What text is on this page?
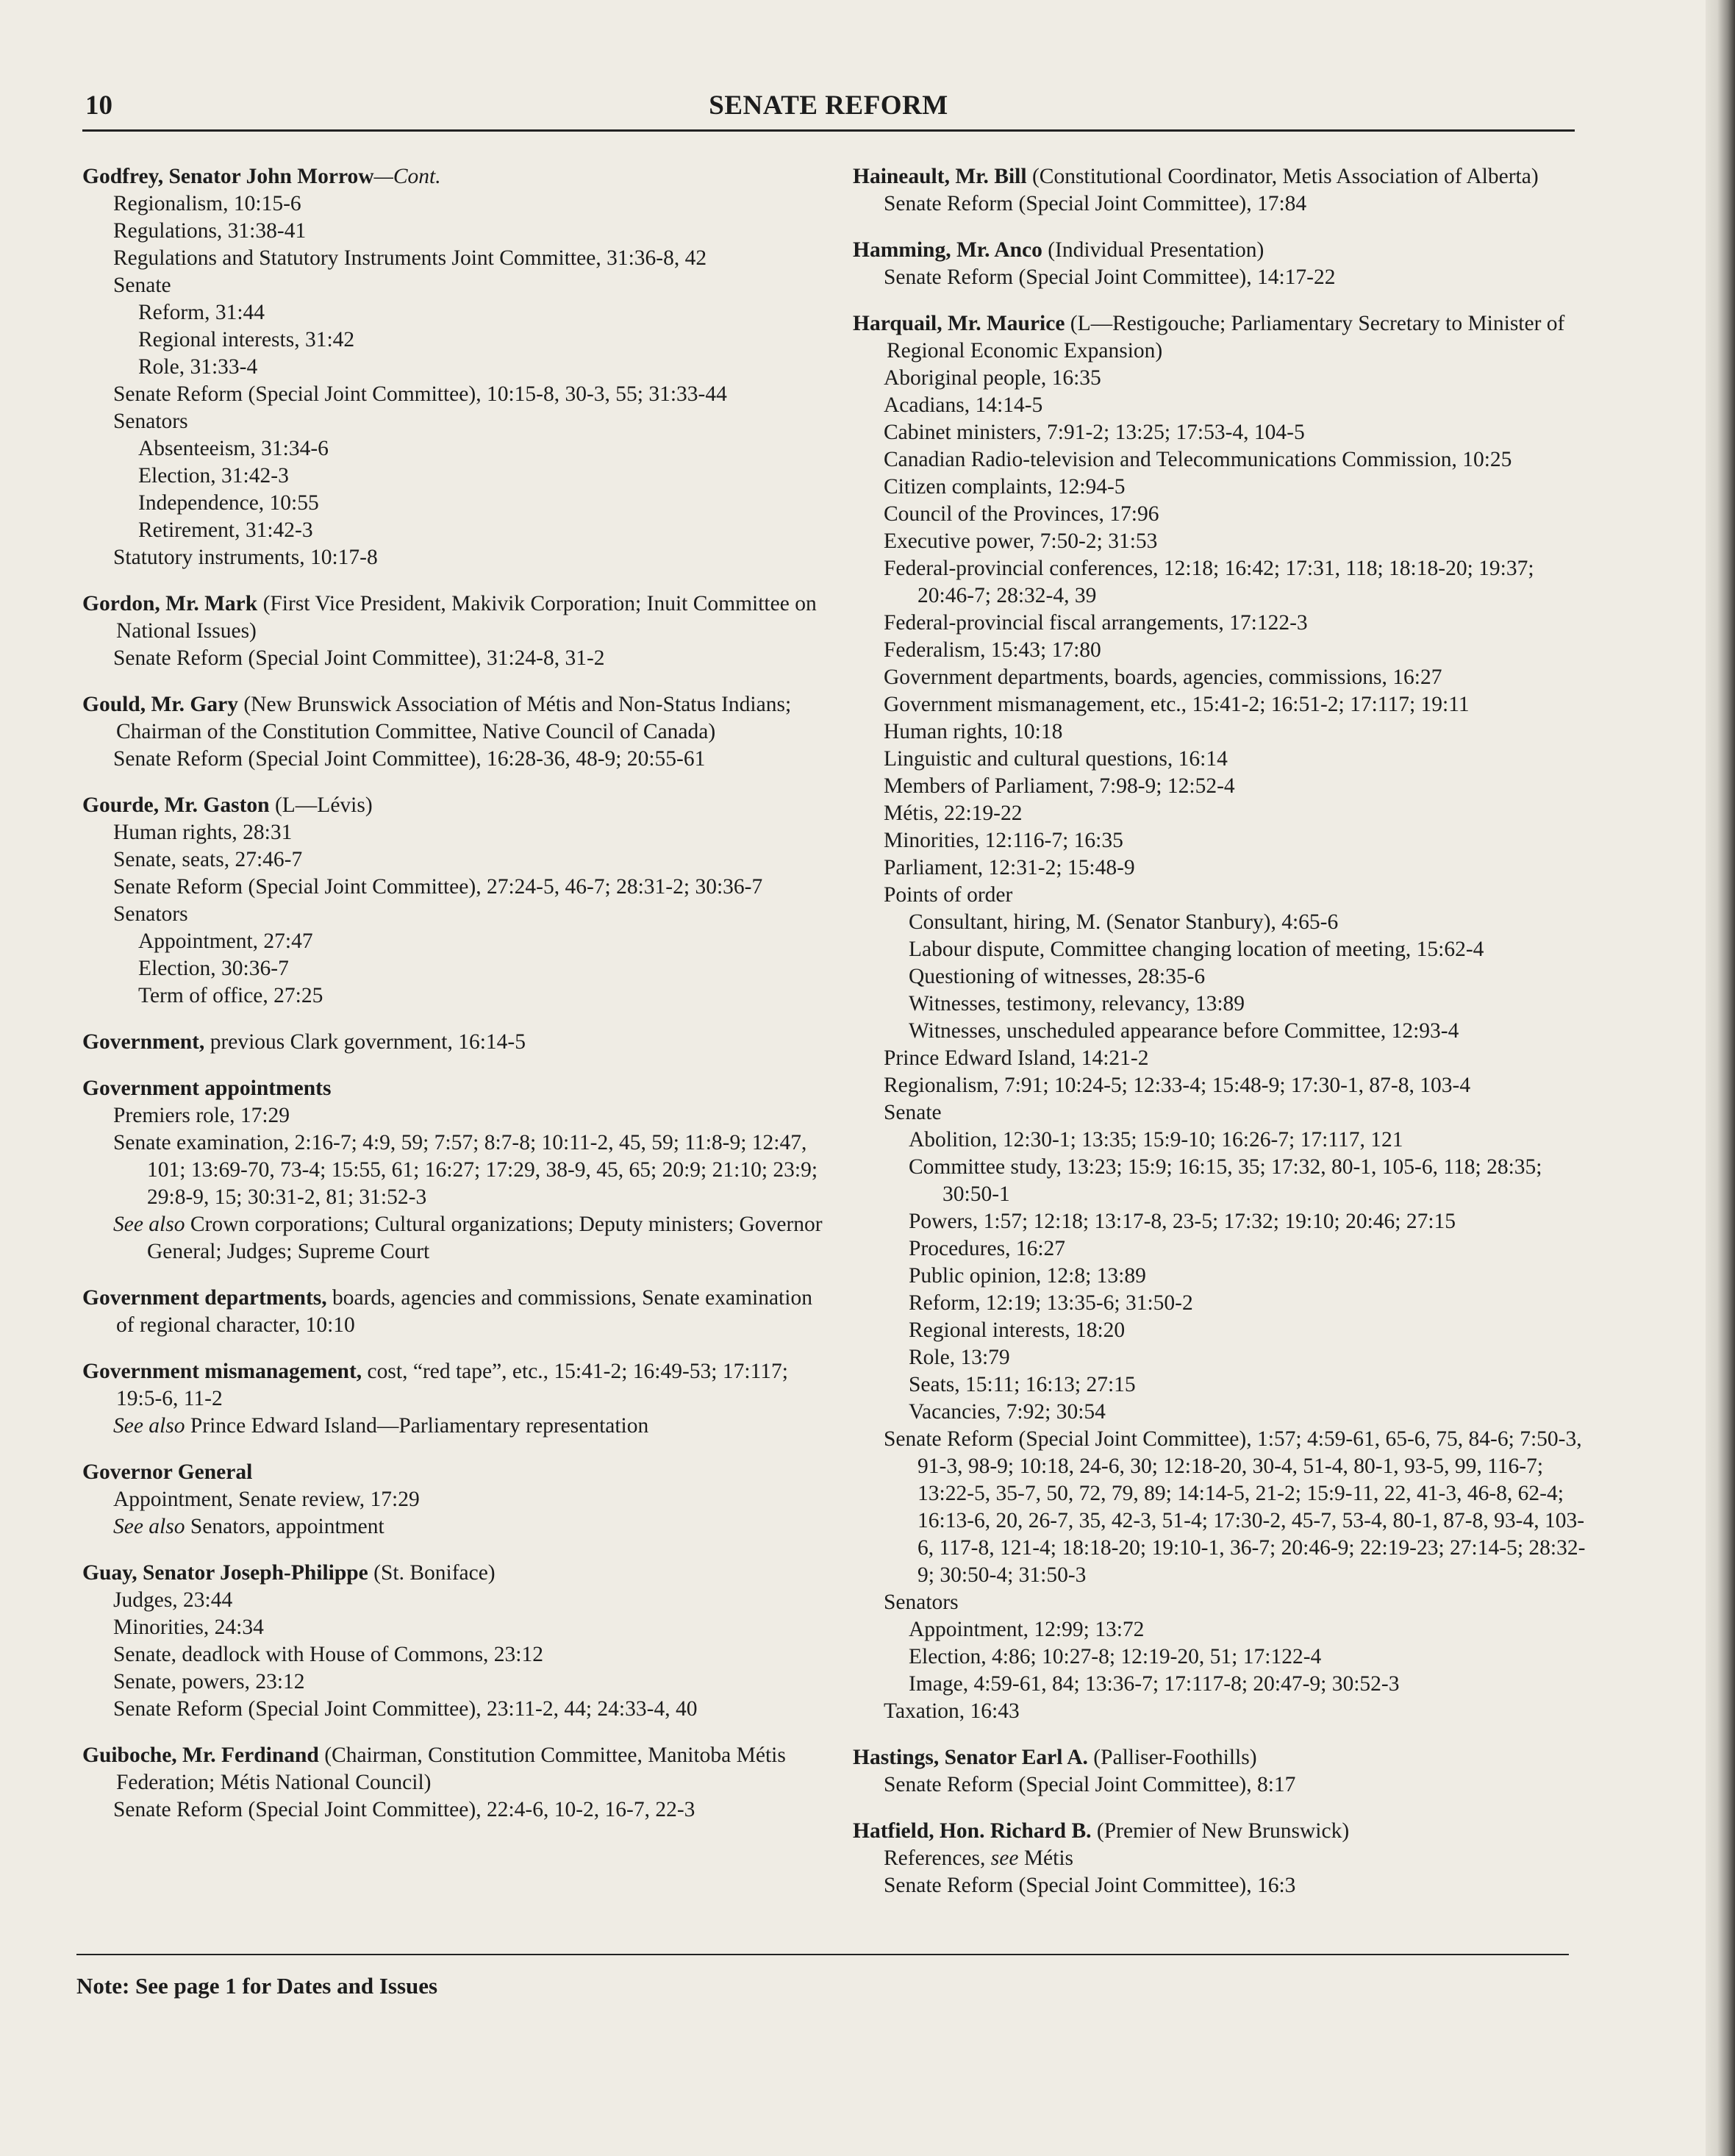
10	SENATE REFORM
Godfrey, Senator John Morrow—Cont.
Regionalism, 10:15-6
Regulations, 31:38-41
Regulations and Statutory Instruments Joint Committee, 31:36-8, 42
Senate
Reform, 31:44
Regional interests, 31:42
Role, 31:33-4
Senate Reform (Special Joint Committee), 10:15-8, 30-3, 55; 31:33-44
Senators
Absenteeism, 31:34-6
Election, 31:42-3
Independence, 10:55
Retirement, 31:42-3
Statutory instruments, 10:17-8
Gordon, Mr. Mark (First Vice President, Makivik Corporation; Inuit Committee on National Issues)
Senate Reform (Special Joint Committee), 31:24-8, 31-2
Gould, Mr. Gary (New Brunswick Association of Métis and Non-Status Indians; Chairman of the Constitution Committee, Native Council of Canada)
Senate Reform (Special Joint Committee), 16:28-36, 48-9; 20:55-61
Gourde, Mr. Gaston (L—Lévis)
Human rights, 28:31
Senate, seats, 27:46-7
Senate Reform (Special Joint Committee), 27:24-5, 46-7; 28:31-2; 30:36-7
Senators
Appointment, 27:47
Election, 30:36-7
Term of office, 27:25
Government, previous Clark government, 16:14-5
Government appointments
Premiers role, 17:29
Senate examination, 2:16-7; 4:9, 59; 7:57; 8:7-8; 10:11-2, 45, 59; 11:8-9; 12:47, 101; 13:69-70, 73-4; 15:55, 61; 16:27; 17:29, 38-9, 45, 65; 20:9; 21:10; 23:9; 29:8-9, 15; 30:31-2, 81; 31:52-3
See also Crown corporations; Cultural organizations; Deputy ministers; Governor General; Judges; Supreme Court
Government departments, boards, agencies and commissions, Senate examination of regional character, 10:10
Government mismanagement, cost, “red tape”, etc., 15:41-2; 16:49-53; 17:117; 19:5-6, 11-2
See also Prince Edward Island—Parliamentary representation
Governor General
Appointment, Senate review, 17:29
See also Senators, appointment
Guay, Senator Joseph-Philippe (St. Boniface)
Judges, 23:44
Minorities, 24:34
Senate, deadlock with House of Commons, 23:12
Senate, powers, 23:12
Senate Reform (Special Joint Committee), 23:11-2, 44; 24:33-4, 40
Guiboche, Mr. Ferdinand (Chairman, Constitution Committee, Manitoba Métis Federation; Métis National Council)
Senate Reform (Special Joint Committee), 22:4-6, 10-2, 16-7, 22-3
Haineault, Mr. Bill (Constitutional Coordinator, Metis Association of Alberta)
Senate Reform (Special Joint Committee), 17:84
Hamming, Mr. Anco (Individual Presentation)
Senate Reform (Special Joint Committee), 14:17-22
Harquail, Mr. Maurice (L—Restigouche; Parliamentary Secretary to Minister of Regional Economic Expansion)
Aboriginal people, 16:35
Acadians, 14:14-5
Cabinet ministers, 7:91-2; 13:25; 17:53-4, 104-5
Canadian Radio-television and Telecommunications Commission, 10:25
Citizen complaints, 12:94-5
Council of the Provinces, 17:96
Executive power, 7:50-2; 31:53
Federal-provincial conferences, 12:18; 16:42; 17:31, 118; 18:18-20; 19:37; 20:46-7; 28:32-4, 39
Federal-provincial fiscal arrangements, 17:122-3
Federalism, 15:43; 17:80
Government departments, boards, agencies, commissions, 16:27
Government mismanagement, etc., 15:41-2; 16:51-2; 17:117; 19:11
Human rights, 10:18
Linguistic and cultural questions, 16:14
Members of Parliament, 7:98-9; 12:52-4
Métis, 22:19-22
Minorities, 12:116-7; 16:35
Parliament, 12:31-2; 15:48-9
Points of order
Consultant, hiring, M. (Senator Stanbury), 4:65-6
Labour dispute, Committee changing location of meeting, 15:62-4
Questioning of witnesses, 28:35-6
Witnesses, testimony, relevancy, 13:89
Witnesses, unscheduled appearance before Committee, 12:93-4
Prince Edward Island, 14:21-2
Regionalism, 7:91; 10:24-5; 12:33-4; 15:48-9; 17:30-1, 87-8, 103-4
Senate
Abolition, 12:30-1; 13:35; 15:9-10; 16:26-7; 17:117, 121
Committee study, 13:23; 15:9; 16:15, 35; 17:32, 80-1, 105-6, 118; 28:35; 30:50-1
Powers, 1:57; 12:18; 13:17-8, 23-5; 17:32; 19:10; 20:46; 27:15
Procedures, 16:27
Public opinion, 12:8; 13:89
Reform, 12:19; 13:35-6; 31:50-2
Regional interests, 18:20
Role, 13:79
Seats, 15:11; 16:13; 27:15
Vacancies, 7:92; 30:54
Senate Reform (Special Joint Committee), 1:57; 4:59-61, 65-6, 75, 84-6; 7:50-3, 91-3, 98-9; 10:18, 24-6, 30; 12:18-20, 30-4, 51-4, 80-1, 93-5, 99, 116-7; 13:22-5, 35-7, 50, 72, 79, 89; 14:14-5, 21-2; 15:9-11, 22, 41-3, 46-8, 62-4; 16:13-6, 20, 26-7, 35, 42-3, 51-4; 17:30-2, 45-7, 53-4, 80-1, 87-8, 93-4, 103-6, 117-8, 121-4; 18:18-20; 19:10-1, 36-7; 20:46-9; 22:19-23; 27:14-5; 28:32-9; 30:50-4; 31:50-3
Senators
Appointment, 12:99; 13:72
Election, 4:86; 10:27-8; 12:19-20, 51; 17:122-4
Image, 4:59-61, 84; 13:36-7; 17:117-8; 20:47-9; 30:52-3
Taxation, 16:43
Hastings, Senator Earl A. (Palliser-Foothills)
Senate Reform (Special Joint Committee), 8:17
Hatfield, Hon. Richard B. (Premier of New Brunswick)
References, see Métis
Senate Reform (Special Joint Committee), 16:3
Note: See page 1 for Dates and Issues
